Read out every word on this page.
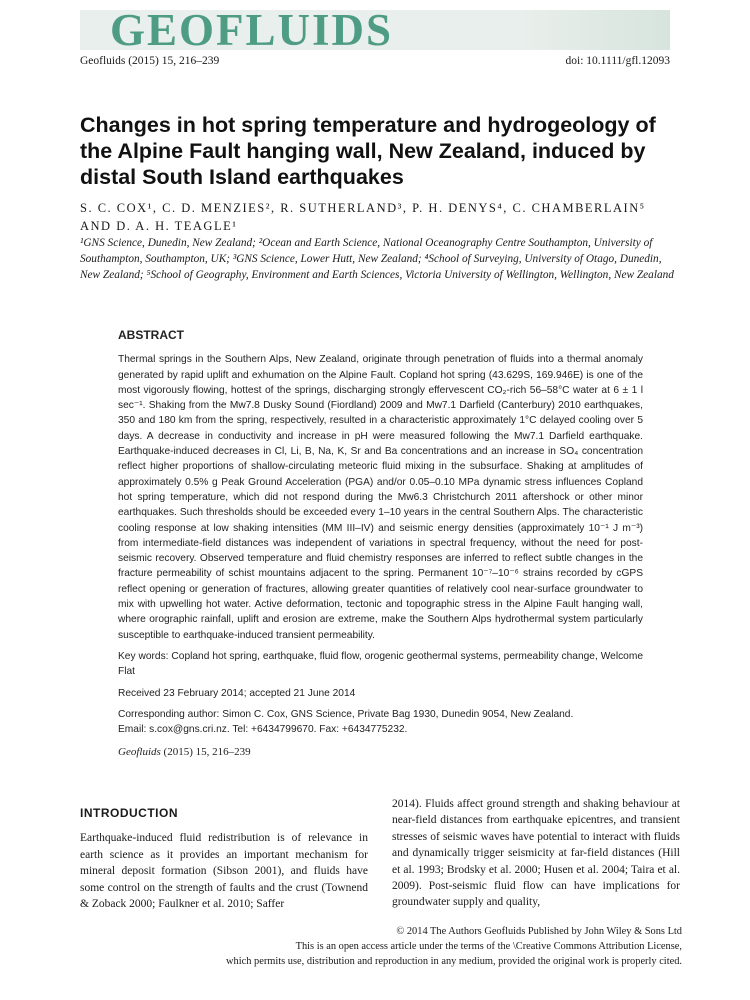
GEOFLUIDS
Geofluids (2015) 15, 216–239	doi: 10.1111/gfl.12093
Changes in hot spring temperature and hydrogeology of the Alpine Fault hanging wall, New Zealand, induced by distal South Island earthquakes
S. C. COX¹, C. D. MENZIES², R. SUTHERLAND³, P. H. DENYS⁴, C. CHAMBERLAIN⁵ AND D. A. H. TEAGLE¹
¹GNS Science, Dunedin, New Zealand; ²Ocean and Earth Science, National Oceanography Centre Southampton, University of Southampton, Southampton, UK; ³GNS Science, Lower Hutt, New Zealand; ⁴School of Surveying, University of Otago, Dunedin, New Zealand; ⁵School of Geography, Environment and Earth Sciences, Victoria University of Wellington, Wellington, New Zealand
ABSTRACT

Thermal springs in the Southern Alps, New Zealand, originate through penetration of fluids into a thermal anomaly generated by rapid uplift and exhumation on the Alpine Fault. Copland hot spring (43.629S, 169.946E) is one of the most vigorously flowing, hottest of the springs, discharging strongly effervescent CO₂-rich 56–58°C water at 6 ± 1 l sec⁻¹. Shaking from the Mw7.8 Dusky Sound (Fiordland) 2009 and Mw7.1 Darfield (Canterbury) 2010 earthquakes, 350 and 180 km from the spring, respectively, resulted in a characteristic approximately 1°C delayed cooling over 5 days. A decrease in conductivity and increase in pH were measured following the Mw7.1 Darfield earthquake. Earthquake-induced decreases in Cl, Li, B, Na, K, Sr and Ba concentrations and an increase in SO₄ concentration reflect higher proportions of shallow-circulating meteoric fluid mixing in the subsurface. Shaking at amplitudes of approximately 0.5% g Peak Ground Acceleration (PGA) and/or 0.05–0.10 MPa dynamic stress influences Copland hot spring temperature, which did not respond during the Mw6.3 Christchurch 2011 aftershock or other minor earthquakes. Such thresholds should be exceeded every 1–10 years in the central Southern Alps. The characteristic cooling response at low shaking intensities (MM III–IV) and seismic energy densities (approximately 10⁻¹ J m⁻³) from intermediate-field distances was independent of variations in spectral frequency, without the need for post-seismic recovery. Observed temperature and fluid chemistry responses are inferred to reflect subtle changes in the fracture permeability of schist mountains adjacent to the spring. Permanent 10⁻⁷–10⁻⁶ strains recorded by cGPS reflect opening or generation of fractures, allowing greater quantities of relatively cool near-surface groundwater to mix with upwelling hot water. Active deformation, tectonic and topographic stress in the Alpine Fault hanging wall, where orographic rainfall, uplift and erosion are extreme, make the Southern Alps hydrothermal system particularly susceptible to earthquake-induced transient permeability.

Key words: Copland hot spring, earthquake, fluid flow, orogenic geothermal systems, permeability change, Welcome Flat

Received 23 February 2014; accepted 21 June 2014

Corresponding author: Simon C. Cox, GNS Science, Private Bag 1930, Dunedin 9054, New Zealand.

Email: s.cox@gns.cri.nz. Tel: +6434799670. Fax: +6434775232.

Geofluids (2015) 15, 216–239

INTRODUCTION

Earthquake-induced fluid redistribution is of relevance in earth science as it provides an important mechanism for mineral deposit formation (Sibson 2001), and fluids have some control on the strength of faults and the crust (Townend & Zoback 2000; Faulkner et al. 2010; Saffer

2014). Fluids affect ground strength and shaking behaviour at near-field distances from earthquake epicentres, and transient stresses of seismic waves have potential to interact with fluids and dynamically trigger seismicity at far-field distances (Hill et al. 1993; Brodsky et al. 2000; Husen et al. 2004; Taira et al. 2009). Post-seismic fluid flow can have implications for groundwater supply and quality,

© 2014 The Authors Geofluids Published by John Wiley & Sons Ltd
This is an open access article under the terms of the \Creative Commons Attribution License,
which permits use, distribution and reproduction in any medium, provided the original work is properly cited.
